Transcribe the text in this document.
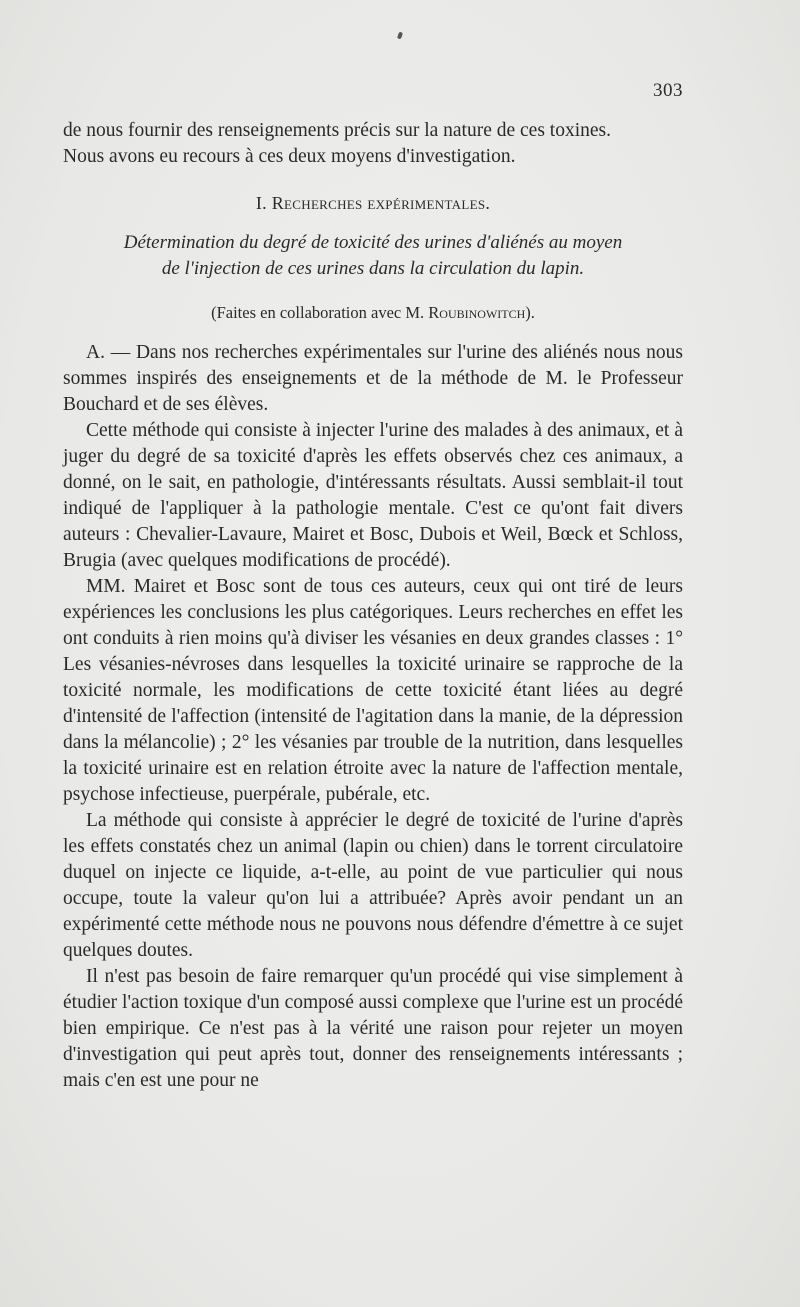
303

de nous fournir des renseignements précis sur la nature de ces toxines.

Nous avons eu recours à ces deux moyens d'investigation.

I. Recherches expérimentales.
Détermination du degré de toxicité des urines d'aliénés au moyen
de l'injection de ces urines dans la circulation du lapin.
(Faites en collaboration avec M. Roubinowitch).

A. — Dans nos recherches expérimentales sur l'urine des aliénés nous nous sommes inspirés des enseignements et de la méthode de M. le Professeur Bouchard et de ses élèves.

Cette méthode qui consiste à injecter l'urine des malades à des animaux, et à juger du degré de sa toxicité d'après les effets observés chez ces animaux, a donné, on le sait, en pathologie, d'intéressants résultats. Aussi semblait-il tout indiqué de l'appliquer à la pathologie mentale. C'est ce qu'ont fait divers auteurs : Chevalier-Lavaure, Mairet et Bosc, Dubois et Weil, Bœck et Schloss, Brugia (avec quelques modifications de procédé).

MM. Mairet et Bosc sont de tous ces auteurs, ceux qui ont tiré de leurs expériences les conclusions les plus catégoriques. Leurs recherches en effet les ont conduits à rien moins qu'à diviser les vésanies en deux grandes classes : 1° Les vésanies-névroses dans lesquelles la toxicité urinaire se rapproche de la toxicité normale, les modifications de cette toxicité étant liées au degré d'intensité de l'affection (intensité de l'agitation dans la manie, de la dépression dans la mélancolie) ; 2° les vésanies par trouble de la nutrition, dans lesquelles la toxicité urinaire est en relation étroite avec la nature de l'affection mentale, psychose infectieuse, puerpérale, pubérale, etc.

La méthode qui consiste à apprécier le degré de toxicité de l'urine d'après les effets constatés chez un animal (lapin ou chien) dans le torrent circulatoire duquel on injecte ce liquide, a-t-elle, au point de vue particulier qui nous occupe, toute la valeur qu'on lui a attribuée? Après avoir pendant un an expérimenté cette méthode nous ne pouvons nous défendre d'émettre à ce sujet quelques doutes.

Il n'est pas besoin de faire remarquer qu'un procédé qui vise simplement à étudier l'action toxique d'un composé aussi complexe que l'urine est un procédé bien empirique. Ce n'est pas à la vérité une raison pour rejeter un moyen d'investigation qui peut après tout, donner des renseignements intéressants ; mais c'en est une pour ne
